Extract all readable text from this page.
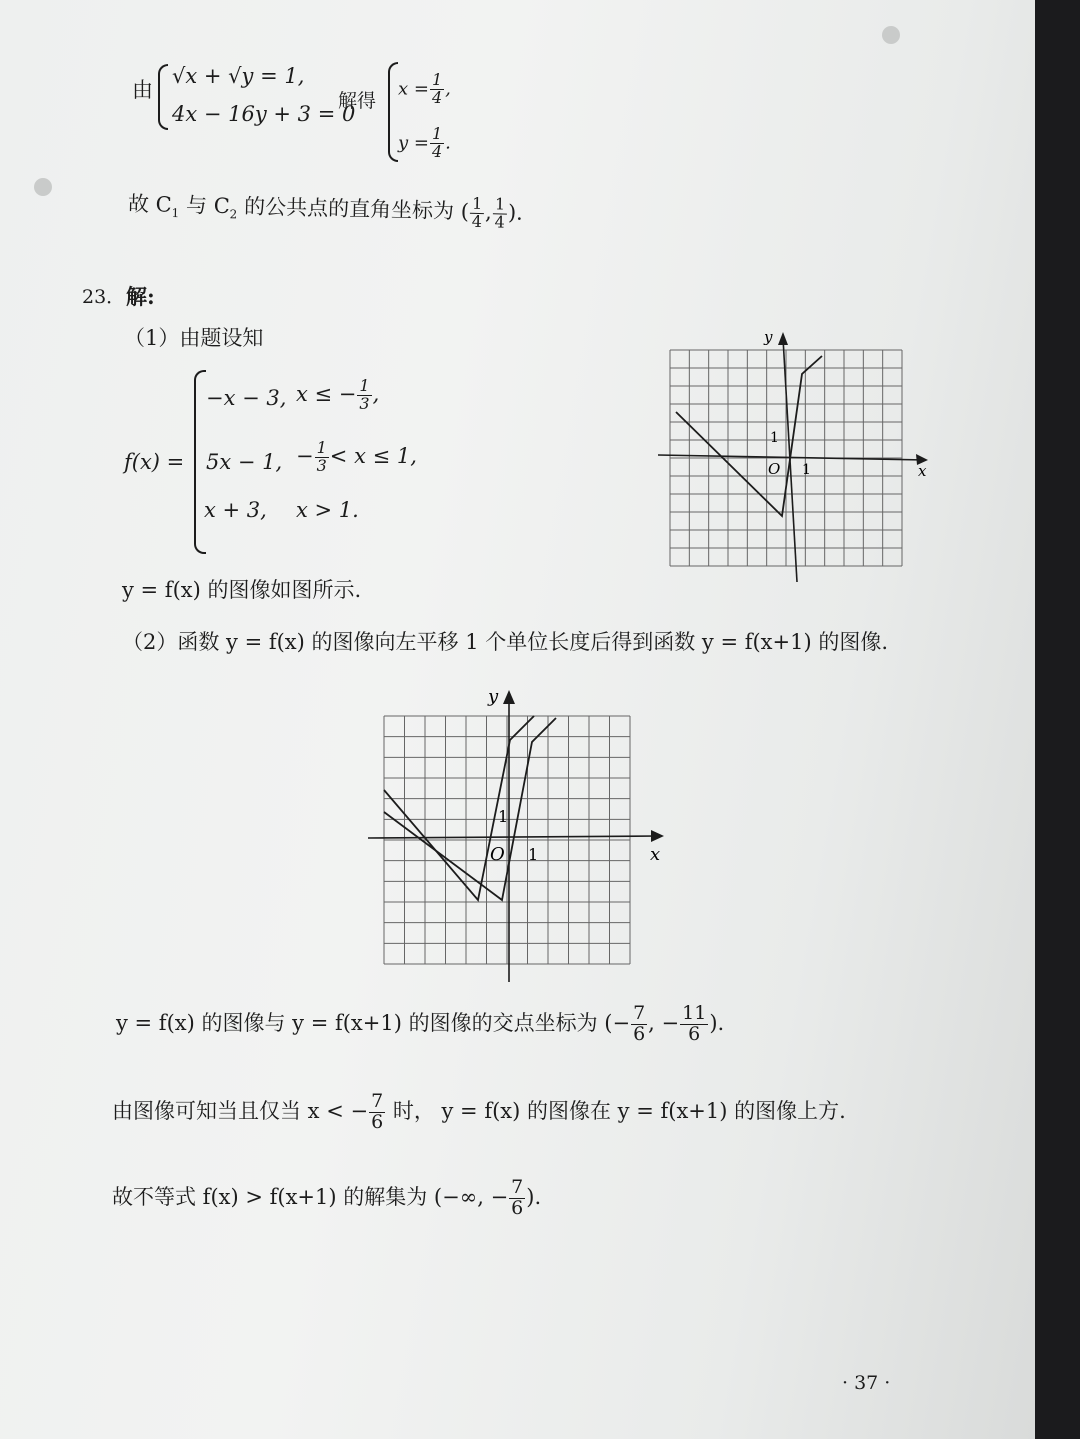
由
√x + √y = 1,
4x − 16y + 3 = 0
解得
$x = \frac{1}{4}$ ,
$y = \frac{1}{4}$ .
故 $C_1$ 与 $C_2$ 的公共点的直角坐标为 ( $\frac{1}{4}$ , $\frac{1}{4}$ ).
23． 解:
（1）由题设知
f(x) =
−x − 3, x ≤ − $\frac{1}{3}$ ,
5x − 1, − $\frac{1}{3} < x \le 1$,
x + 3, x > 1.
y = f(x) 的图像如图所示.
（2）函数 y = f(x) 的图像向左平移 1 个单位长度后得到函数 y = f(x+1) 的图像.
x
y
O 1
1
x
y
O 1
1
y = f(x) 的图像与 y = f(x+1) 的图像的交点坐标为 (− $\frac{7}{6}$ , − $\frac{11}{6}$ ).
由图像可知当且仅当 x < − $\frac{7}{6}$ 时， y = f(x) 的图像在 y = f(x+1) 的图像上方.
故不等式 f(x) > f(x+1) 的解集为 (−∞, − $\frac{7}{6}$ ).
· 37 ·
